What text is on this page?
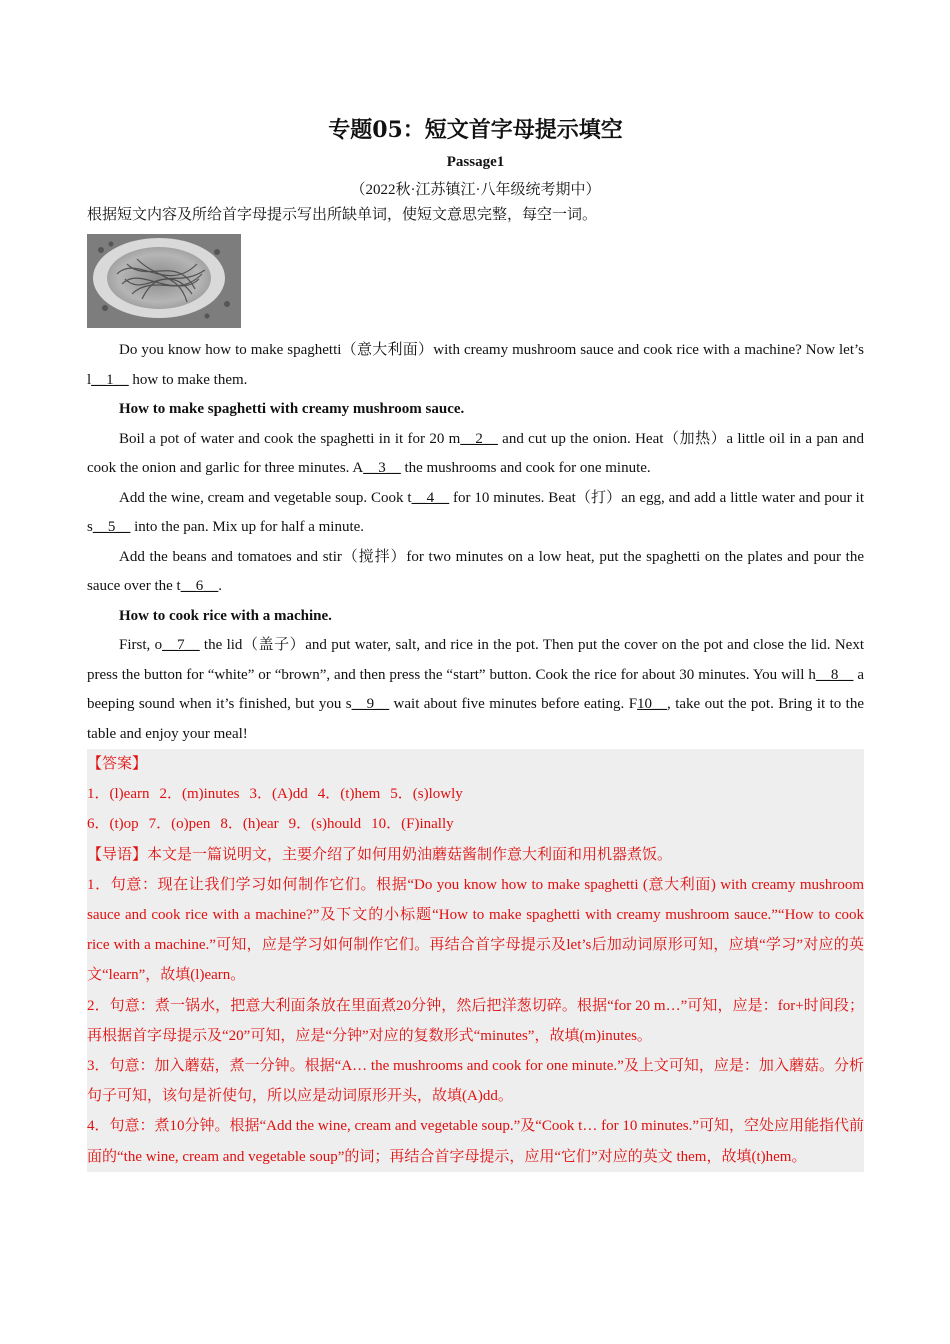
专题05：短文首字母提示填空
Passage1
（2022秋·江苏镇江·八年级统考期中）
根据短文内容及所给首字母提示写出所缺单词，使短文意思完整，每空一词。

Do you know how to make spaghetti（意大利面）with creamy mushroom sauce and cook rice with a machine? Now let’s l__1__ how to make them.

How to make spaghetti with creamy mushroom sauce.

Boil a pot of water and cook the spaghetti in it for 20 m__2__ and cut up the onion. Heat（加热）a little oil in a pan and cook the onion and garlic for three minutes. A__3__ the mushrooms and cook for one minute.

Add the wine, cream and vegetable soup. Cook t__4__ for 10 minutes. Beat（打）an egg, and add a little water and pour it s__5__ into the pan. Mix up for half a minute.

Add the beans and tomatoes and stir（搅拌）for two minutes on a low heat, put the spaghetti on the plates and pour the sauce over the t__6__.

How to cook rice with a machine.

First, o__7__ the lid（盖子）and put water, salt, and rice in the pot. Then put the cover on the pot and close the lid. Next press the button for “white” or “brown”, and then press the “start” button. Cook the rice for about 30 minutes. You will h__8__ a beeping sound when it’s finished, but you s__9__ wait about five minutes before eating. F10__, take out the pot. Bring it to the table and enjoy your meal!

【答案】
1．(l)earn 2．(m)inutes 3．(A)dd 4．(t)hem 5．(s)lowly
6．(t)op 7．(o)pen 8．(h)ear 9．(s)hould 10．(F)inally
【导语】本文是一篇说明文，主要介绍了如何用奶油蘑菇酱制作意大利面和用机器煮饭。
1．句意：现在让我们学习如何制作它们。根据“Do you know how to make spaghetti (意大利面) with creamy mushroom sauce and cook rice with a machine?”及下文的小标题“How to make spaghetti with creamy mushroom sauce.”“How to cook rice with a machine.”可知，应是学习如何制作它们。再结合首字母提示及let’s后加动词原形可知，应填“学习”对应的英文“learn”，故填(l)earn。
2．句意：煮一锅水，把意大利面条放在里面煮20分钟，然后把洋葱切碎。根据“for 20 m…”可知，应是：for+时间段；再根据首字母提示及“20”可知，应是“分钟”对应的复数形式“minutes”，故填(m)inutes。
3．句意：加入蘑菇，煮一分钟。根据“A… the mushrooms and cook for one minute.”及上文可知，应是：加入蘑菇。分析句子可知，该句是祈使句，所以应是动词原形开头，故填(A)dd。
4．句意：煮10分钟。根据“Add the wine, cream and vegetable soup.”及“Cook t… for 10 minutes.”可知，空处应用能指代前面的“the wine, cream and vegetable soup”的词；再结合首字母提示，应用“它们”对应的英文 them，故填(t)hem。
